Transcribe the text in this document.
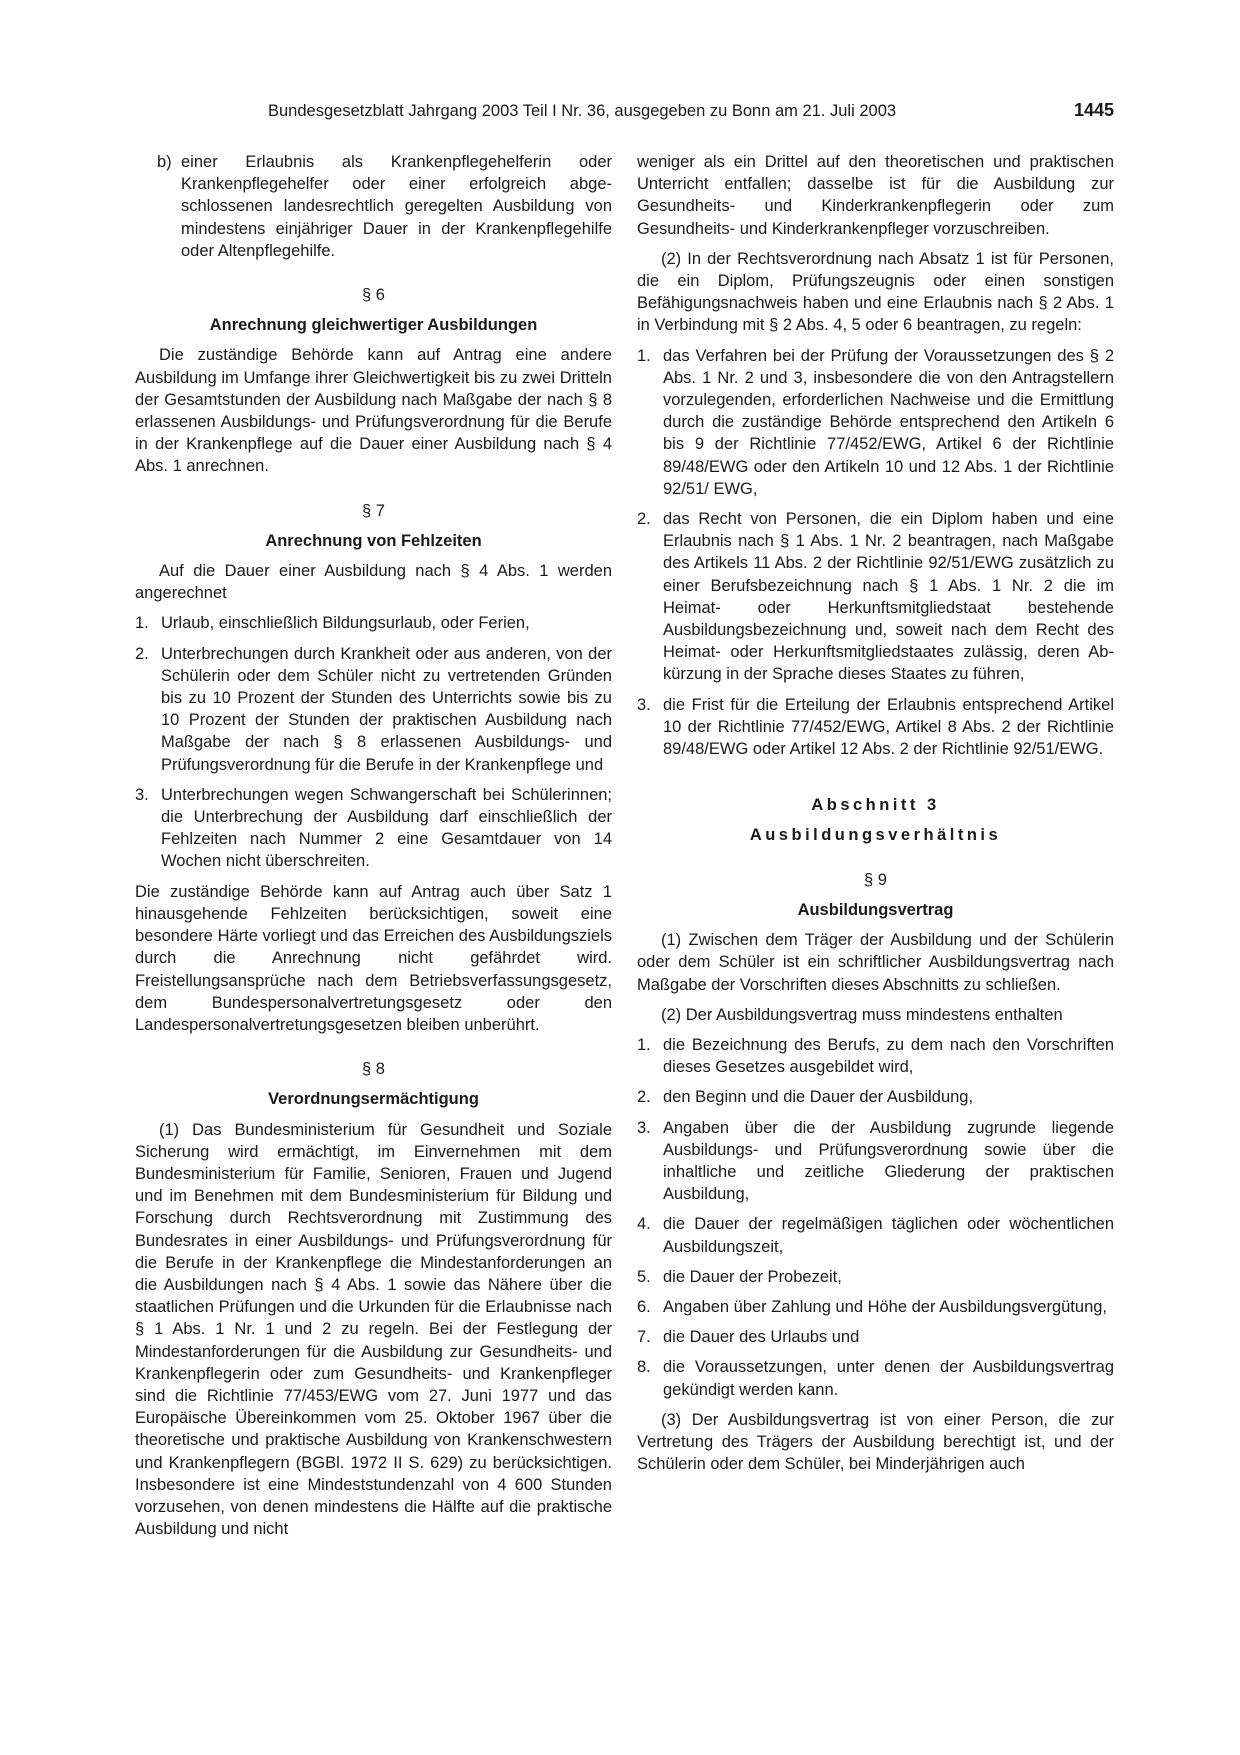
Bundesgesetzblatt Jahrgang 2003 Teil I Nr. 36, ausgegeben zu Bonn am 21. Juli 2003	1445
b) einer Erlaubnis als Krankenpflegehelferin oder Krankenpflegehelfer oder einer erfolgreich abgeschlossenen landesrechtlich geregelten Ausbildung von mindestens einjähriger Dauer in der Krankenpflegehilfe oder Altenpflegehilfe.
§ 6
Anrechnung gleichwertiger Ausbildungen

Die zuständige Behörde kann auf Antrag eine andere Ausbildung im Umfange ihrer Gleichwertigkeit bis zu zwei Dritteln der Gesamtstunden der Ausbildung nach Maßgabe der nach § 8 erlassenen Ausbildungs- und Prüfungsverordnung für die Berufe in der Krankenpflege auf die Dauer einer Ausbildung nach § 4 Abs. 1 anrechnen.

§ 7
Anrechnung von Fehlzeiten

Auf die Dauer einer Ausbildung nach § 4 Abs. 1 werden angerechnet

1. Urlaub, einschließlich Bildungsurlaub, oder Ferien,
2. Unterbrechungen durch Krankheit oder aus anderen, von der Schülerin oder dem Schüler nicht zu vertretenden Gründen bis zu 10 Prozent der Stunden des Unterrichts sowie bis zu 10 Prozent der Stunden der praktischen Ausbildung nach Maßgabe der nach § 8 erlassenen Ausbildungs- und Prüfungsverordnung für die Berufe in der Krankenpflege und
3. Unterbrechungen wegen Schwangerschaft bei Schülerinnen; die Unterbrechung der Ausbildung darf einschließlich der Fehlzeiten nach Nummer 2 eine Gesamtdauer von 14 Wochen nicht überschreiten.

Die zuständige Behörde kann auf Antrag auch über Satz 1 hinausgehende Fehlzeiten berücksichtigen, soweit eine besondere Härte vorliegt und das Erreichen des Ausbildungsziels durch die Anrechnung nicht gefährdet wird. Freistellungsansprüche nach dem Betriebsverfassungsgesetz, dem Bundespersonalvertretungsgesetz oder den Landespersonalvertretungsgesetzen bleiben unberührt.

§ 8
Verordnungsermächtigung

(1) Das Bundesministerium für Gesundheit und Soziale Sicherung wird ermächtigt, im Einvernehmen mit dem Bundesministerium für Familie, Senioren, Frauen und Jugend und im Benehmen mit dem Bundesministerium für Bildung und Forschung durch Rechtsverordnung mit Zustimmung des Bundesrates in einer Ausbildungs- und Prüfungsverordnung für die Berufe in der Krankenpflege die Mindestanforderungen an die Ausbildungen nach § 4 Abs. 1 sowie das Nähere über die staatlichen Prüfungen und die Urkunden für die Erlaubnisse nach § 1 Abs. 1 Nr. 1 und 2 zu regeln. Bei der Festlegung der Mindestanforderungen für die Ausbildung zur Gesundheits- und Krankenpflegerin oder zum Gesundheits- und Krankenpfleger sind die Richtlinie 77/453/EWG vom 27. Juni 1977 und das Europäische Übereinkommen vom 25. Oktober 1967 über die theoretische und praktische Ausbildung von Krankenschwestern und Krankenpflegern (BGBl. 1972 II S. 629) zu berücksichtigen. Insbesondere ist eine Mindeststundenzahl von 4 600 Stunden vorzusehen, von denen mindestens die Hälfte auf die praktische Ausbildung und nicht

weniger als ein Drittel auf den theoretischen und praktischen Unterricht entfallen; dasselbe ist für die Ausbildung zur Gesundheits- und Kinderkrankenpflegerin oder zum Gesundheits- und Kinderkrankenpfleger vorzuschreiben.

(2) In der Rechtsverordnung nach Absatz 1 ist für Personen, die ein Diplom, Prüfungszeugnis oder einen sonstigen Befähigungsnachweis haben und eine Erlaubnis nach § 2 Abs. 1 in Verbindung mit § 2 Abs. 4, 5 oder 6 beantragen, zu regeln:

1. das Verfahren bei der Prüfung der Voraussetzungen des § 2 Abs. 1 Nr. 2 und 3, insbesondere die von den Antragstellern vorzulegenden, erforderlichen Nachweise und die Ermittlung durch die zuständige Behörde entsprechend den Artikeln 6 bis 9 der Richtlinie 77/452/EWG, Artikel 6 der Richtlinie 89/48/EWG oder den Artikeln 10 und 12 Abs. 1 der Richtlinie 92/51/ EWG,
2. das Recht von Personen, die ein Diplom haben und eine Erlaubnis nach § 1 Abs. 1 Nr. 2 beantragen, nach Maßgabe des Artikels 11 Abs. 2 der Richtlinie 92/51/EWG zusätzlich zu einer Berufsbezeichnung nach § 1 Abs. 1 Nr. 2 die im Heimat- oder Herkunftsmitgliedstaat bestehende Ausbildungsbezeichnung und, soweit nach dem Recht des Heimat- oder Herkunftsmitgliedstaates zulässig, deren Abkürzung in der Sprache dieses Staates zu führen,
3. die Frist für die Erteilung der Erlaubnis entsprechend Artikel 10 der Richtlinie 77/452/EWG, Artikel 8 Abs. 2 der Richtlinie 89/48/EWG oder Artikel 12 Abs. 2 der Richtlinie 92/51/EWG.
Abschnitt 3
Ausbildungsverhältnis
§ 9
Ausbildungsvertrag

(1) Zwischen dem Träger der Ausbildung und der Schülerin oder dem Schüler ist ein schriftlicher Ausbildungsvertrag nach Maßgabe der Vorschriften dieses Abschnitts zu schließen.

(2) Der Ausbildungsvertrag muss mindestens enthalten

1. die Bezeichnung des Berufs, zu dem nach den Vorschriften dieses Gesetzes ausgebildet wird,
2. den Beginn und die Dauer der Ausbildung,
3. Angaben über die der Ausbildung zugrunde liegende Ausbildungs- und Prüfungsverordnung sowie über die inhaltliche und zeitliche Gliederung der praktischen Ausbildung,
4. die Dauer der regelmäßigen täglichen oder wöchentlichen Ausbildungszeit,
5. die Dauer der Probezeit,
6. Angaben über Zahlung und Höhe der Ausbildungsvergütung,
7. die Dauer des Urlaubs und
8. die Voraussetzungen, unter denen der Ausbildungsvertrag gekündigt werden kann.

(3) Der Ausbildungsvertrag ist von einer Person, die zur Vertretung des Trägers der Ausbildung berechtigt ist, und der Schülerin oder dem Schüler, bei Minderjährigen auch
